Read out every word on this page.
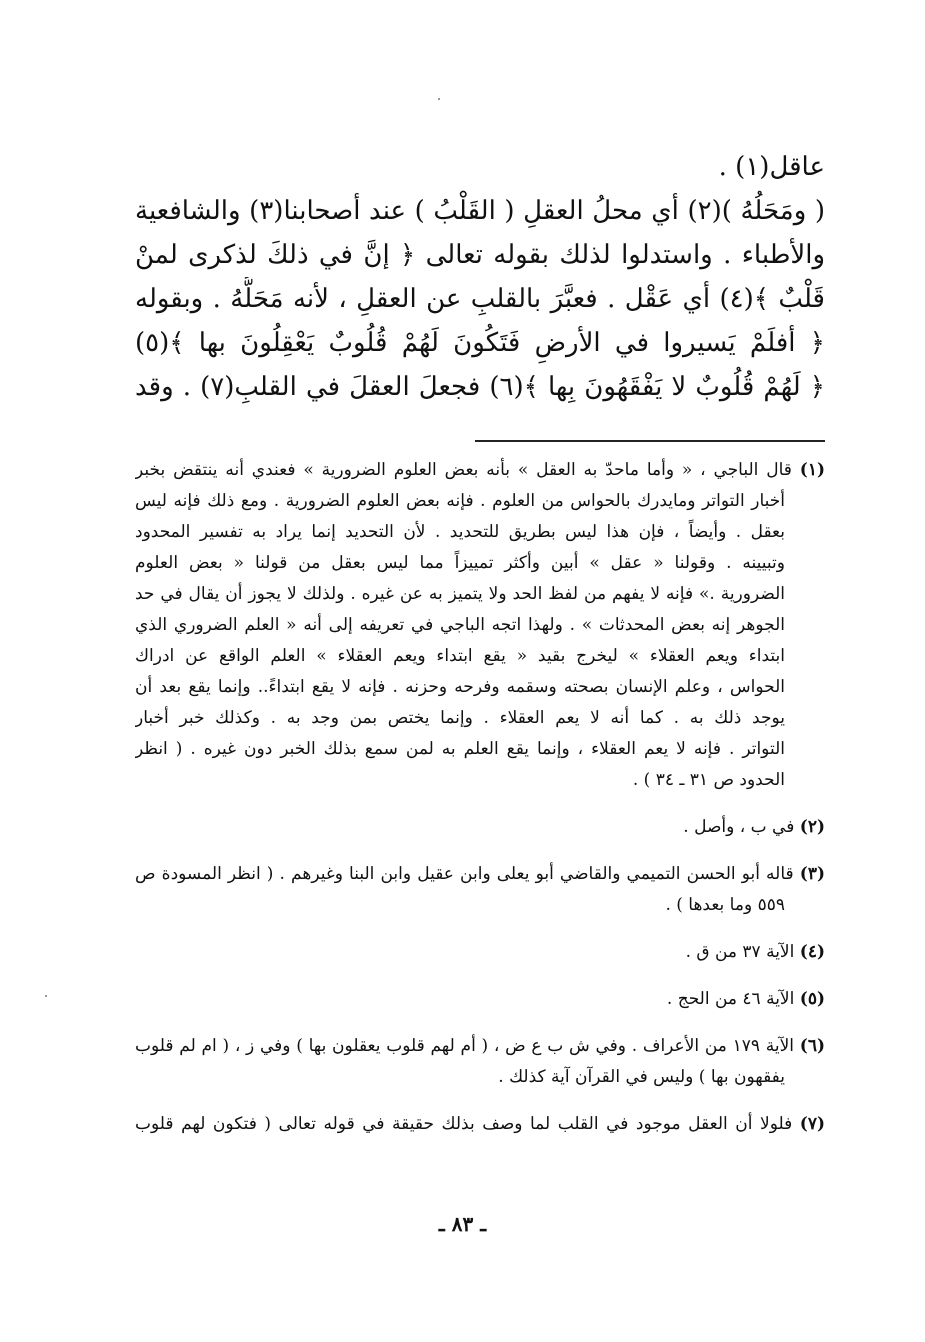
عاقل(١) .
( ومَحَلُهُ )(٢) أي محلُ العقلِ ( القَلْبُ ) عند أصحابنا(٣) والشافعية
والأطباء . واستدلوا لذلك بقوله تعالى ﴿ إنَّ في ذلكَ لذكرى لمنْ
قَلْبٌ ﴾(٤) أي عَقْل . فعبَّرَ بالقلبِ عن العقلِ ، لأنه مَحَلُّهُ . وبقوله
﴿ أفلَمْ يَسيروا في الأرضِ فَتَكُونَ لَهُمْ قُلُوبٌ يَعْقِلُونَ بها ﴾(٥)
﴿ لَهُمْ قُلُوبٌ لا يَفْقَهُونَ بِها ﴾(٦) فجعلَ العقلَ في القلبِ(٧) . وقد
(١) قال الباجي ، « وأما ماحدّ به العقل » بأنه بعض العلوم الضرورية » فعندي أنه ينتقض بخبر
أخبار التواتر ومايدرك بالحواس من العلوم . فإنه بعض العلوم الضرورية . ومع ذلك فإنه ليس
بعقل . وأيضاً ، فإن هذا ليس بطريق للتحديد . لأن التحديد إنما يراد به تفسير المحدود
وتبيينه . وقولنا « عقل » أبين وأكثر تمييزاً مما ليس بعقل من قولنا « بعض العلوم
الضرورية .» فإنه لا يفهم من لفظ الحد ولا يتميز به عن غيره . ولذلك لا يجوز أن يقال في حد
الجوهر إنه بعض المحدثات » . ولهذا اتجه الباجي في تعريفه إلى أنه « العلم الضروري الذي
ابتداء ويعم العقلاء » ليخرج بقيد « يقع ابتداء ويعم العقلاء » العلم الواقع عن ادراك
الحواس ، وعلم الإنسان بصحته وسقمه وفرحه وحزنه . فإنه لا يقع ابتداءً.. وإنما يقع بعد أن
يوجد ذلك به . كما أنه لا يعم العقلاء . وإنما يختص بمن وجد به . وكذلك خبر أخبار
التواتر . فإنه لا يعم العقلاء ، وإنما يقع العلم به لمن سمع بذلك الخبر دون غيره . ( انظر
الحدود ص ٣١ ـ ٣٤ ) .
(٢) في ب ، وأصل .
(٣) قاله أبو الحسن التميمي والقاضي أبو يعلى وابن عقيل وابن البنا وغيرهم . ( انظر المسودة ص
٥٥٩ وما بعدها ) .
(٤) الآية ٣٧ من ق .
(٥) الآية ٤٦ من الحج .
(٦) الآية ١٧٩ من الأعراف . وفي ش ب ع ض ، ( أم لهم قلوب يعقلون بها ) وفي ز ، ( ام لم قلوب
يفقهون بها ) وليس في القرآن آية كذلك .
(٧) فلولا أن العقل موجود في القلب لما وصف بذلك حقيقة في قوله تعالى ( فتكون لهم قلوب
ـ ٨٣ ـ
